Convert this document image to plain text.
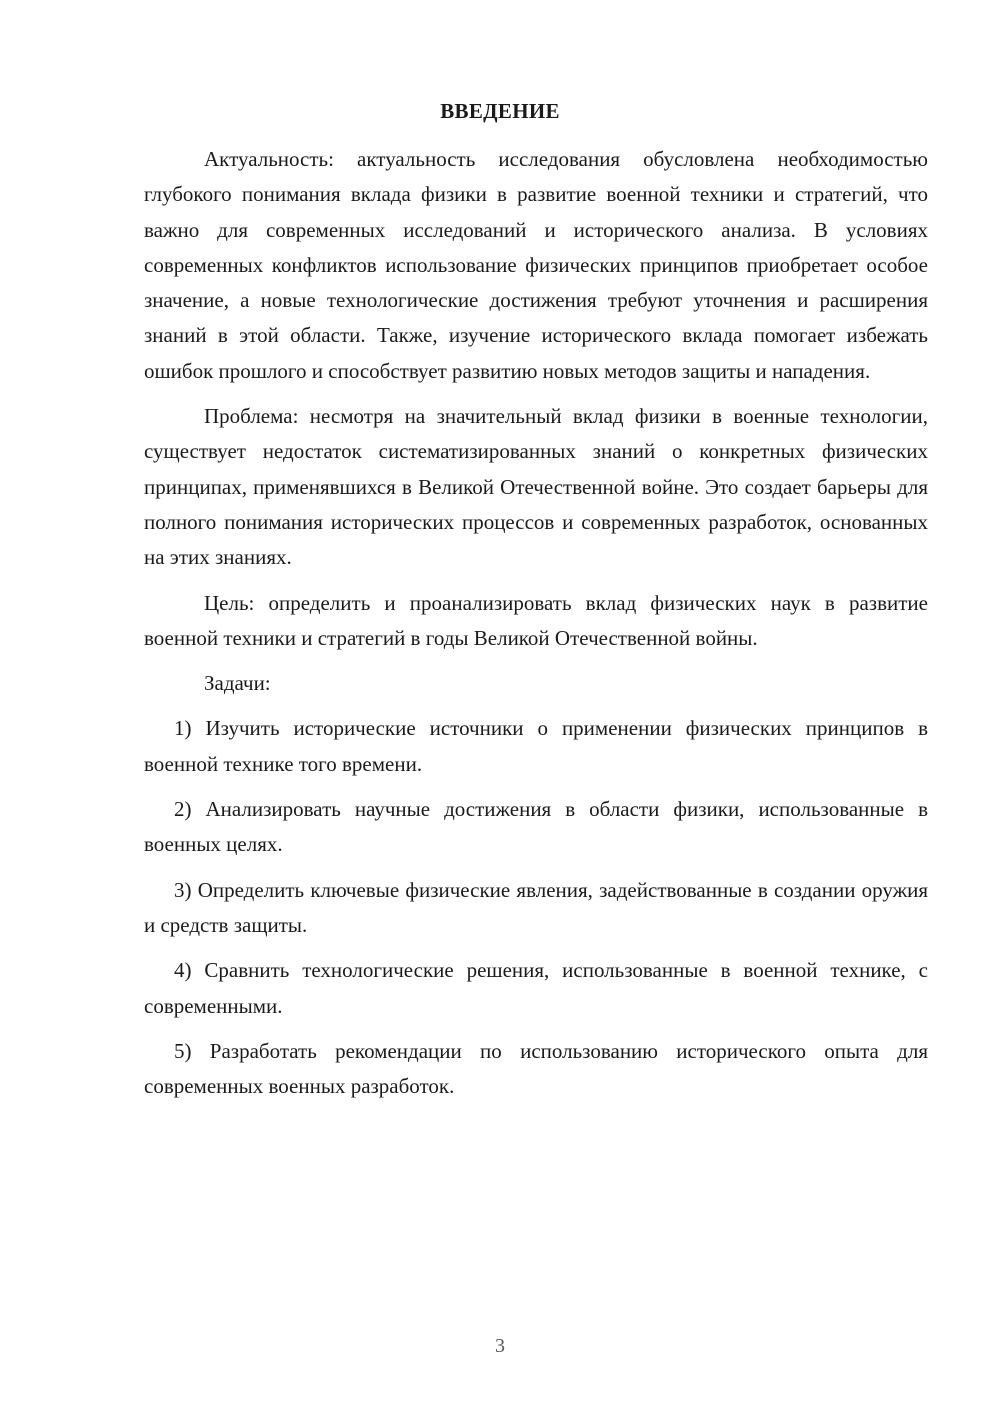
ВВЕДЕНИЕ

Актуальность: актуальность исследования обусловлена необходимостью глубокого понимания вклада физики в развитие военной техники и стратегий, что важно для современных исследований и исторического анализа. В условиях современных конфликтов использование физических принципов приобретает особое значение, а новые технологические достижения требуют уточнения и расширения знаний в этой области. Также, изучение исторического вклада помогает избежать ошибок прошлого и способствует развитию новых методов защиты и нападения.

Проблема: несмотря на значительный вклад физики в военные технологии, существует недостаток систематизированных знаний о конкретных физических принципах, применявшихся в Великой Отечественной войне. Это создает барьеры для полного понимания исторических процессов и современных разработок, основанных на этих знаниях.

Цель: определить и проанализировать вклад физических наук в развитие военной техники и стратегий в годы Великой Отечественной войны.

Задачи:

1) Изучить исторические источники о применении физических принципов в военной технике того времени.

2) Анализировать научные достижения в области физики, использованные в военных целях.

3) Определить ключевые физические явления, задействованные в создании оружия и средств защиты.

4) Сравнить технологические решения, использованные в военной технике, с современными.

5) Разработать рекомендации по использованию исторического опыта для современных военных разработок.

3
